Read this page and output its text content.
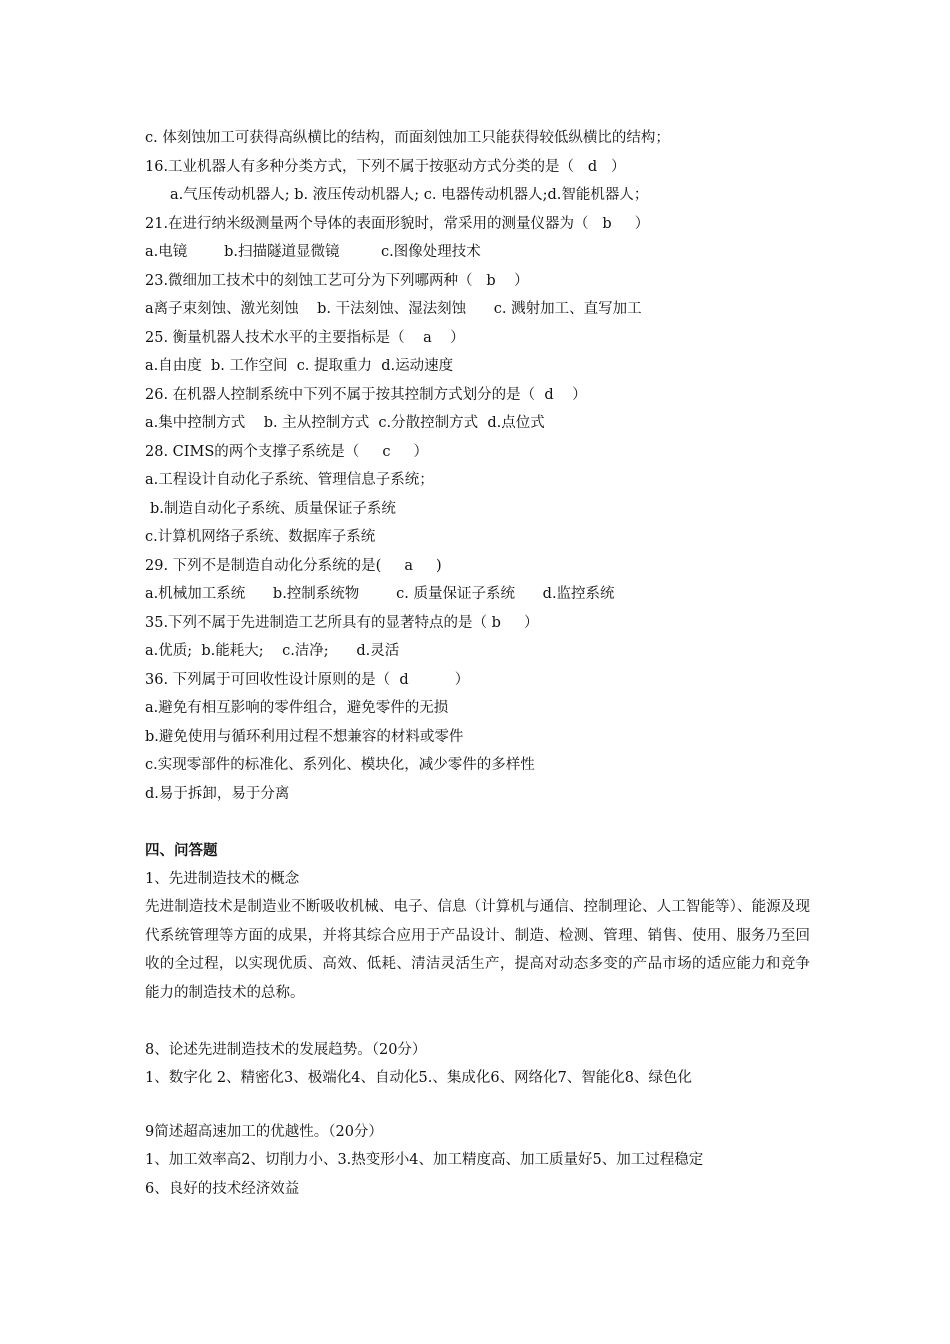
c. 体刻蚀加工可获得高纵横比的结构，而面刻蚀加工只能获得较低纵横比的结构；
16.工业机器人有多种分类方式，下列不属于按驱动方式分类的是（   d   ）
a.气压传动机器人; b. 液压传动机器人; c. 电器传动机器人;d.智能机器人；
21.在进行纳米级测量两个导体的表面形貌时，常采用的测量仪器为（   b     ）
a.电镜        b.扫描隧道显微镜         c.图像处理技术
23.微细加工技术中的刻蚀工艺可分为下列哪两种（   b    ）
a离子束刻蚀、激光刻蚀    b. 干法刻蚀、湿法刻蚀      c. 溅射加工、直写加工
25. 衡量机器人技术水平的主要指标是（    a    ）
a.自由度  b. 工作空间  c. 提取重力  d.运动速度
26. 在机器人控制系统中下列不属于按其控制方式划分的是（  d    ）
a.集中控制方式    b. 主从控制方式  c.分散控制方式  d.点位式
28. CIMS的两个支撑子系统是（     c     ）
a.工程设计自动化子系统、管理信息子系统；
b.制造自动化子系统、质量保证子系统
c.计算机网络子系统、数据库子系统
29. 下列不是制造自动化分系统的是(     a     )
a.机械加工系统      b.控制系统物        c. 质量保证子系统      d.监控系统
35.下列不属于先进制造工艺所具有的显著特点的是（ b     ）
a.优质;  b.能耗大;    c.洁净;      d.灵活
36. 下列属于可回收性设计原则的是（  d          ）
a.避免有相互影响的零件组合，避免零件的无损
b.避免使用与循环利用过程不想兼容的材料或零件
c.实现零部件的标准化、系列化、模块化，减少零件的多样性
d.易于拆卸，易于分离
四、问答题
1、先进制造技术的概念
先进制造技术是制造业不断吸收机械、电子、信息（计算机与通信、控制理论、人工智能等）、能源及现代系统管理等方面的成果，并将其综合应用于产品设计、制造、检测、管理、销售、使用、服务乃至回收的全过程，以实现优质、高效、低耗、清洁灵活生产，提高对动态多变的产品市场的适应能力和竞争能力的制造技术的总称。
8、论述先进制造技术的发展趋势。（20分）
1、数字化 2、精密化3、极端化4、自动化5.、集成化6、网络化7、智能化8、绿色化
9简述超高速加工的优越性。（20分）
1、加工效率高2、切削力小、3.热变形小4、加工精度高、加工质量好5、加工过程稳定
6、良好的技术经济效益
